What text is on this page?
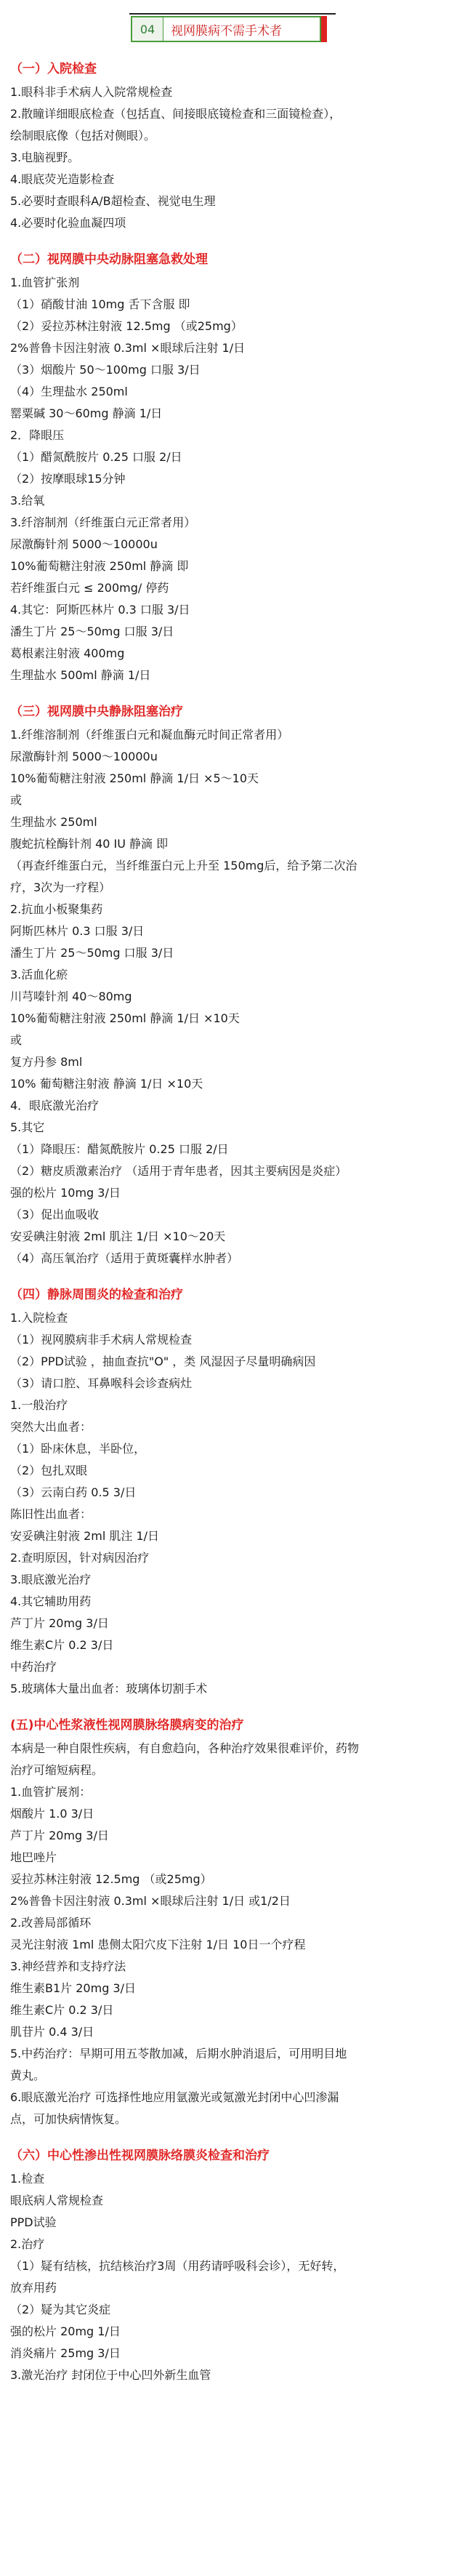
04	视网膜病不需手术者
（一）入院检查
1.眼科非手术病人入院常规检查
2.散瞳详细眼底检查（包括直、间接眼底镜检查和三面镜检查），
绘制眼底像（包括对侧眼）。
3.电脑视野。
4.眼底荧光造影检查
5.必要时查眼科A/B超检查、视觉电生理
4.必要时化验血凝四项
（二）视网膜中央动脉阻塞急救处理
1.血管扩张剂
（1）硝酸甘油 10mg 舌下含服 即
（2）妥拉苏林注射液 12.5mg （或25mg）
2%普鲁卡因注射液 0.3ml ×眼球后注射 1/日
（3）烟酸片 50～100mg 口服 3/日
（4）生理盐水 250ml
罂粟碱 30～60mg 静滴 1/日
2．降眼压
（1）醋氮酰胺片 0.25 口服 2/日
（2）按摩眼球15分钟
3.给氧
3.纤溶制剂（纤维蛋白元正常者用）
尿激酶针剂 5000～10000u
10%葡萄糖注射液 250ml 静滴 即
若纤维蛋白元 ≤ 200mg/ 停药
4.其它：阿斯匹林片 0.3 口服 3/日
潘生丁片 25～50mg 口服 3/日
葛根素注射液 400mg
生理盐水 500ml 静滴 1/日
（三）视网膜中央静脉阻塞治疗
1.纤维溶制剂（纤维蛋白元和凝血酶元时间正常者用）
尿激酶针剂 5000～10000u
10%葡萄糖注射液 250ml 静滴 1/日 ×5～10天
或
生理盐水 250ml
腹蛇抗栓酶针剂 40 IU 静滴 即
（再查纤维蛋白元，当纤维蛋白元上升至 150mg后，给予第二次治
疗，3次为一疗程）
2.抗血小板聚集药
阿斯匹林片 0.3 口服 3/日
潘生丁片 25～50mg 口服 3/日
3.活血化瘀
川芎嗪针剂 40～80mg
10%葡萄糖注射液 250ml 静滴 1/日 ×10天
或
复方丹参 8ml
10% 葡萄糖注射液 静滴 1/日 ×10天
4．眼底激光治疗
5.其它
（1）降眼压：醋氮酰胺片 0.25 口服 2/日
（2）糖皮质激素治疗 （适用于青年患者，因其主要病因是炎症）
强的松片 10mg 3/日
（3）促出血吸收
安妥碘注射液 2ml 肌注 1/日 ×10～20天
（4）高压氧治疗（适用于黄斑囊样水肿者）
（四）静脉周围炎的检查和治疗
1.入院检查
（1）视网膜病非手术病人常规检查
（2）PPD试验 ，抽血查抗"O" ，类 风湿因子尽量明确病因
（3）请口腔、耳鼻喉科会诊查病灶
1.一般治疗
突然大出血者：
（1）卧床休息，半卧位，
（2）包扎双眼
（3）云南白药 0.5 3/日
陈旧性出血者：
安妥碘注射液 2ml 肌注 1/日
2.查明原因，针对病因治疗
3.眼底激光治疗
4.其它辅助用药
芦丁片 20mg 3/日
维生素C片 0.2 3/日
中药治疗
5.玻璃体大量出血者：玻璃体切割手术
(五)中心性浆液性视网膜脉络膜病变的治疗
本病是一种自限性疾病，有自愈趋向，各种治疗效果很难评价，药物
治疗可缩短病程。
1.血管扩展剂：
烟酸片 1.0 3/日
芦丁片 20mg 3/日
地巴唑片
妥拉苏林注射液 12.5mg （或25mg）
2%普鲁卡因注射液 0.3ml ×眼球后注射 1/日 或1/2日
2.改善局部循环
灵光注射液 1ml 患侧太阳穴皮下注射 1/日 10日一个疗程
3.神经营养和支持疗法
维生素B1片 20mg 3/日
维生素C片 0.2 3/日
肌苷片 0.4 3/日
5.中药治疗：早期可用五苓散加减，后期水肿消退后，可用明目地
黄丸。
6.眼底激光治疗 可选择性地应用氩激光或氪激光封闭中心凹渗漏
点，可加快病情恢复。
（六）中心性渗出性视网膜脉络膜炎检查和治疗
1.检查
眼底病人常规检查
PPD试验
2.治疗
（1）疑有结核，抗结核治疗3周（用药请呼吸科会诊），无好转，
放弃用药
（2）疑为其它炎症
强的松片 20mg 1/日
消炎痛片 25mg 3/日
3.激光治疗 封闭位于中心凹外新生血管
